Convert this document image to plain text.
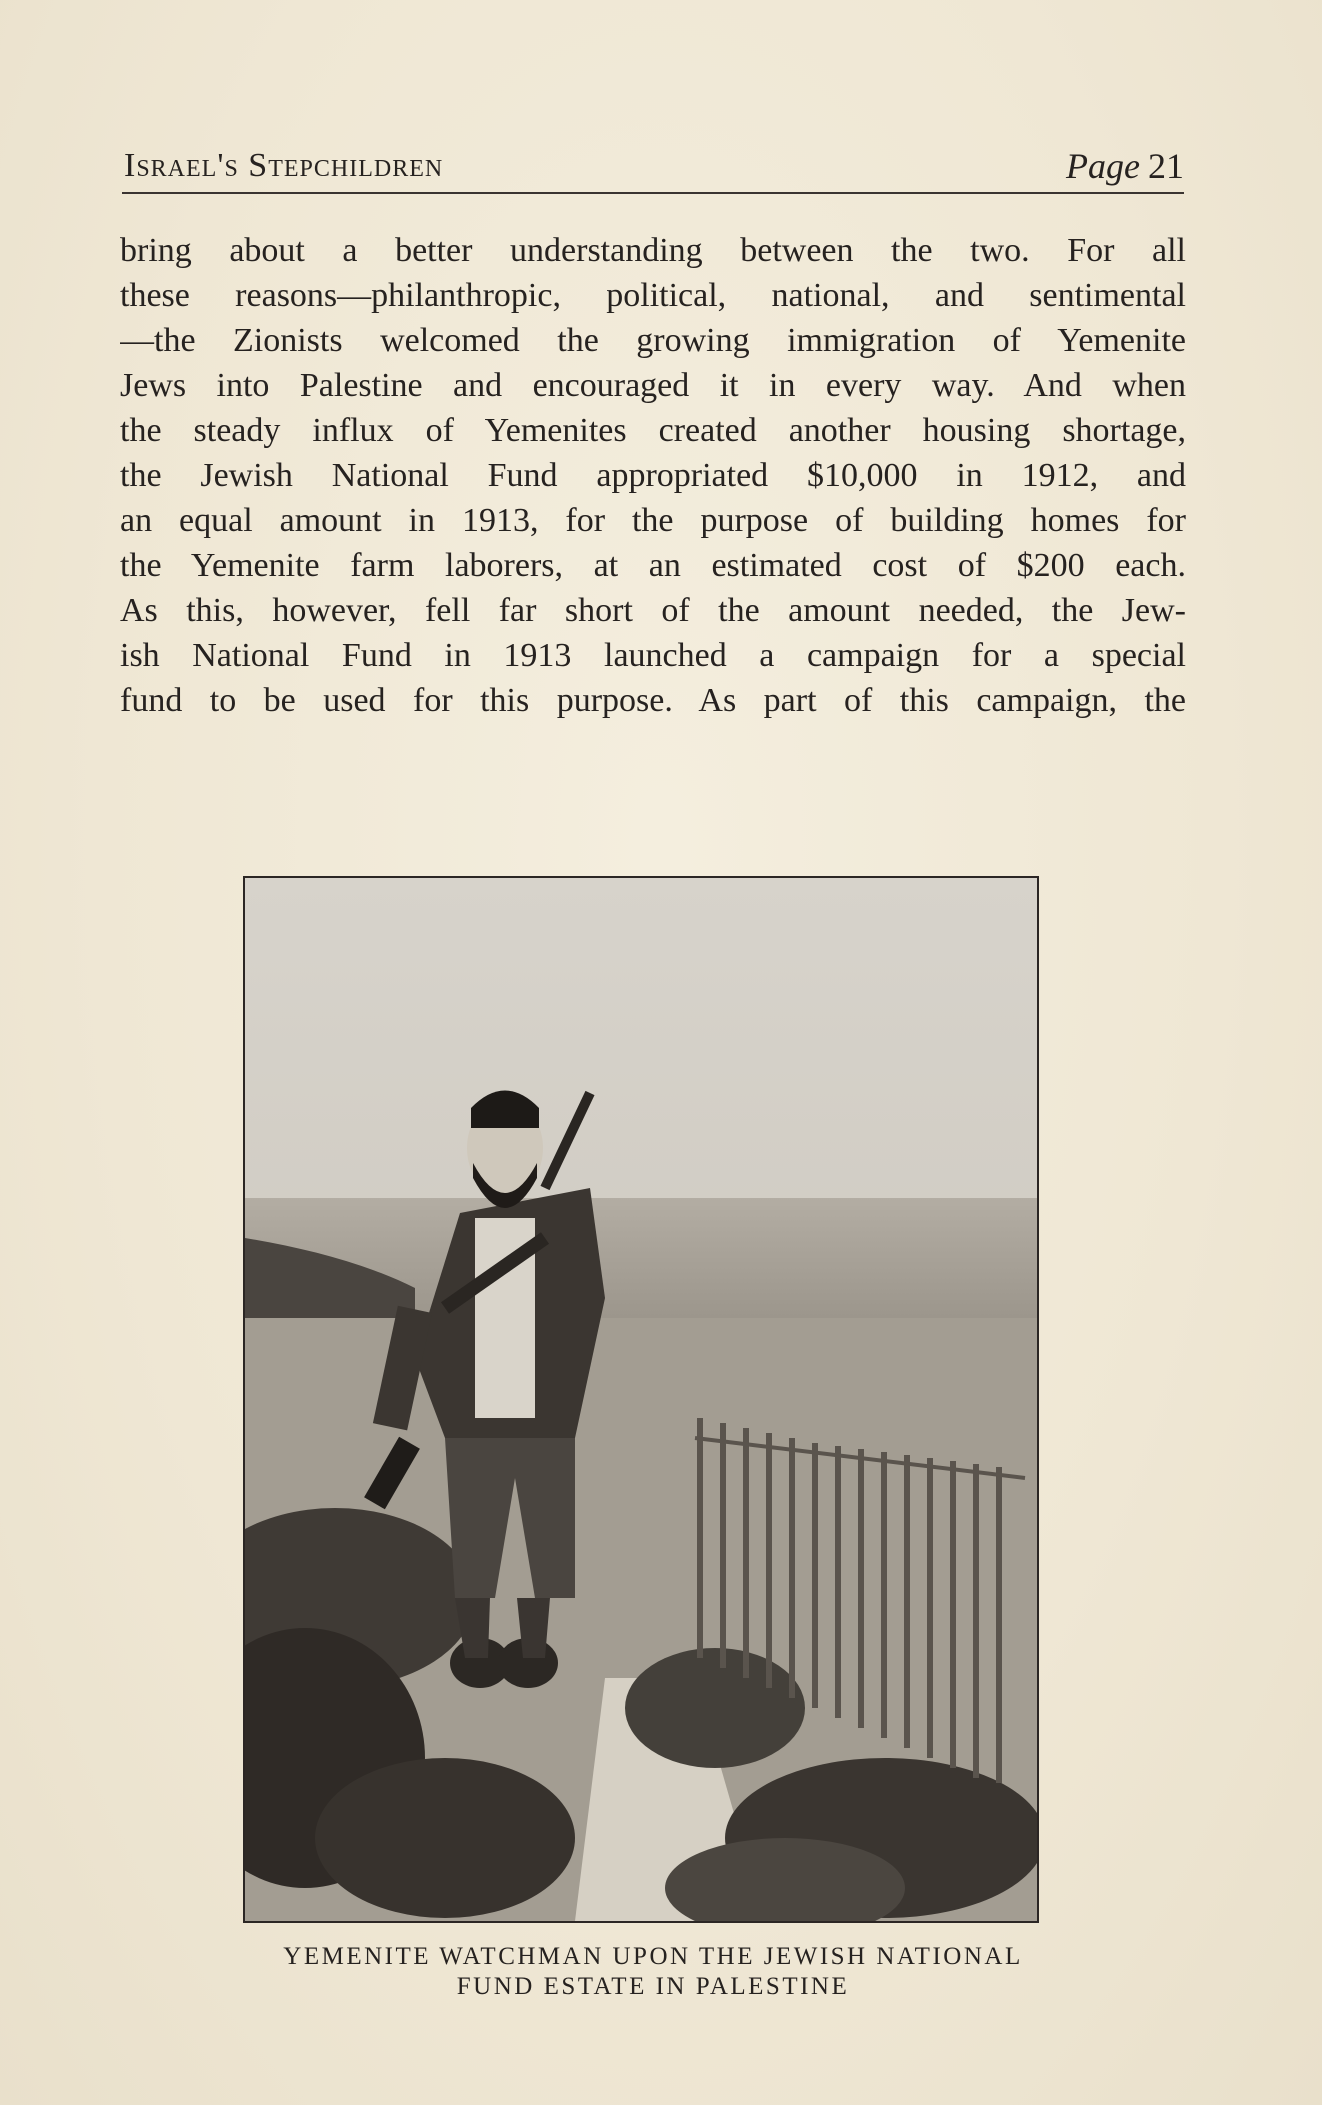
Israel's Stepchildren	Page 21
bring about a better understanding between the two. For all
these reasons—philanthropic, political, national, and sentimental
—the Zionists welcomed the growing immigration of Yemenite
Jews into Palestine and encouraged it in every way. And when
the steady influx of Yemenites created another housing shortage,
the Jewish National Fund appropriated $10,000 in 1912, and
an equal amount in 1913, for the purpose of building homes for
the Yemenite farm laborers, at an estimated cost of $200 each.
As this, however, fell far short of the amount needed, the Jew-
ish National Fund in 1913 launched a campaign for a special
fund to be used for this purpose. As part of this campaign, the
YEMENITE WATCHMAN UPON THE JEWISH NATIONAL
FUND ESTATE IN PALESTINE
